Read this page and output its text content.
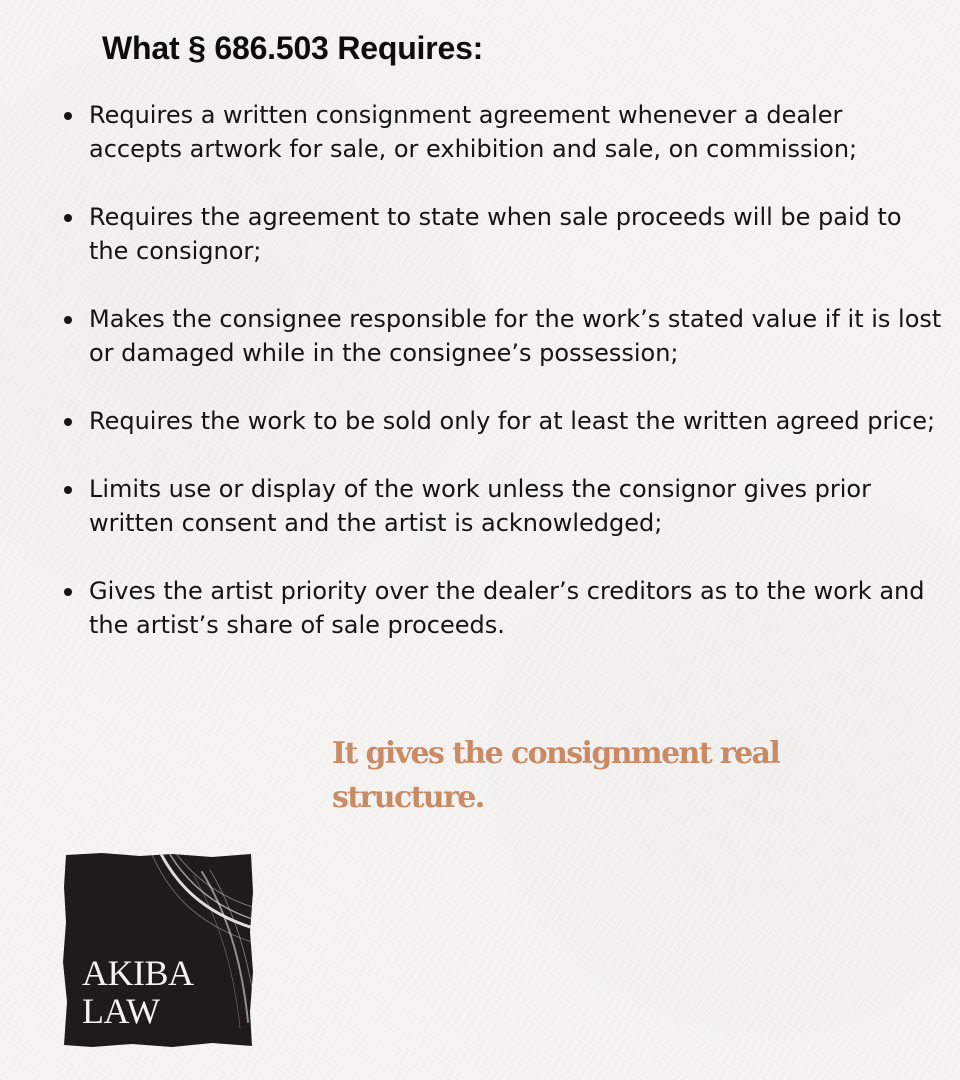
What § 686.503 Requires:
Requires a written consignment agreement whenever a dealer accepts artwork for sale, or exhibition and sale, on commission;
Requires the agreement to state when sale proceeds will be paid to the consignor;
Makes the consignee responsible for the work’s stated value if it is lost or damaged while in the consignee’s possession;
Requires the work to be sold only for at least the written agreed price;
Limits use or display of the work unless the consignor gives prior written consent and the artist is acknowledged;
Gives the artist priority over the dealer’s creditors as to the work and the artist’s share of sale proceeds.

It gives the consignment real structure.

AKIBA
LAW
